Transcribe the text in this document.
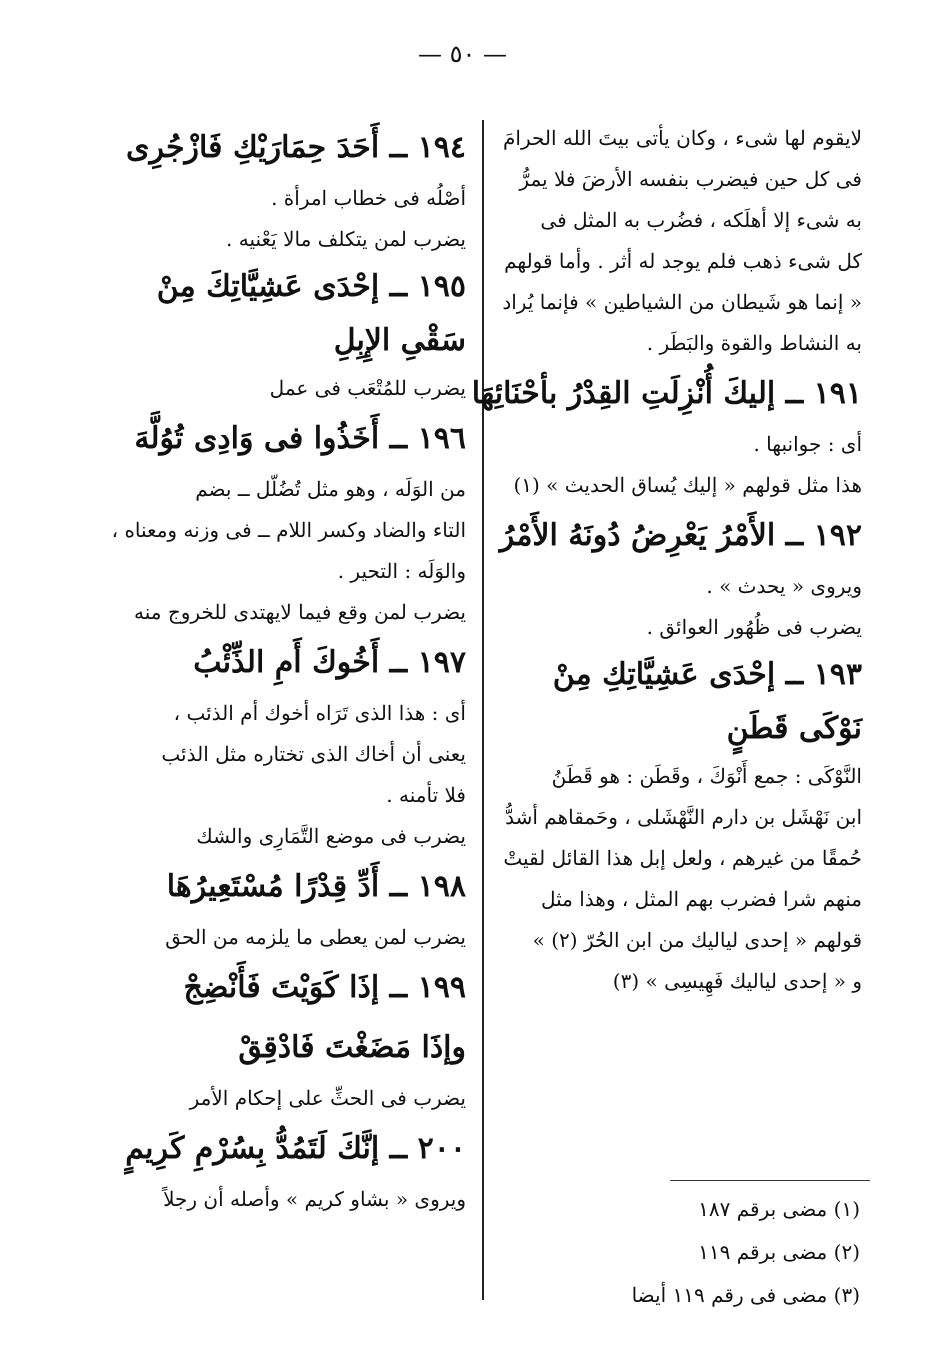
— ٥٠ —
لايقوم لها شىء ، وكان يأتى بيتَ الله الحرامَ
فى كل حين فيضرب بنفسه الأرضَ فلا يمرُّ
به شىء إلا أهلَكه ، فضُرب به المثل فى
كل شىء ذهب فلم يوجد له أثر . وأما قولهم
« إنما هو شَيطان من الشياطين » فإنما يُراد
به النشاط والقوة والبَطَر .
١٩١ ــ إليكَ أُنْزِلَتِ القِدْرُ بأحْنَائِهَا
أى : جوانبها .
هذا مثل قولهم « إليك يُساق الحديث » (١)
١٩٢ ــ الأَمْرُ يَعْرِضُ دُونَهُ الأَمْرُ
ويروى « يحدث » .
يضرب فى ظُهُور العوائق .
١٩٣ ــ إحْدَى عَشِيَّاتِكِ مِنْ نَوْكَى قَطَنٍ
النَّوْكَى : جمع أَنْوَكَ ، وقَطَن : هو قَطَنُ
ابن نَهْشَل بن دارم النَّهْشَلى ، وحَمقاهم أشدُّ
حُمقًا من غيرهم ، ولعل إبل هذا القائل لقيتْ
منهم شرا فضرب بهم المثل ، وهذا مثل
قولهم « إحدى لياليك من ابن الحُرّ (٢) »
و « إحدى لياليك فَهِيسِى » (٣)
(١) مضى برقم ١٨٧
(٢) مضى برقم ١١٩
(٣) مضى فى رقم ١١٩ أيضا
١٩٤ ــ أَحَدَ حِمَارَيْكِ فَازْجُرِى
أصْلُه فى خطاب امرأة .
يضرب لمن يتكلف مالا يَعْنيه .
١٩٥ ــ إحْدَى عَشِيَّاتِكَ مِنْ سَقْىِ الإِبِلِ
يضرب للمُتْعَب فى عمل
١٩٦ ــ أَخَذُوا فى وَادِى تُوُلَّهَ
من الوَلَه ، وهو مثل تُضُلّل ــ بضم
التاء والضاد وكسر اللام ــ فى وزنه ومعناه ،
والوَلَه : التحير .
يضرب لمن وقع فيما لايهتدى للخروج منه
١٩٧ ــ أَخُوكَ أَمِ الذِّئْبُ
أى : هذا الذى تَرَاه أخوك أم الذئب ،
يعنى أن أخاك الذى تختاره مثل الذئب
فلا تأمنه .
يضرب فى موضع التَّمَارِى والشك
١٩٨ ــ أَدِّ قِدْرًا مُسْتَعِيرُهَا
يضرب لمن يعطى ما يلزمه من الحق
١٩٩ ــ إذَا كَوَيْتَ فَأَنْضِجْ
وإذَا مَضَغْتَ فَادْقِقْ
يضرب فى الحثِّ على إحكام الأمر
٢٠٠ ــ إنَّكَ لَتَمُدُّ بِسُرْمِ كَرِيمٍ
ويروى « بشاو كريم » وأصله أن رجلاً
